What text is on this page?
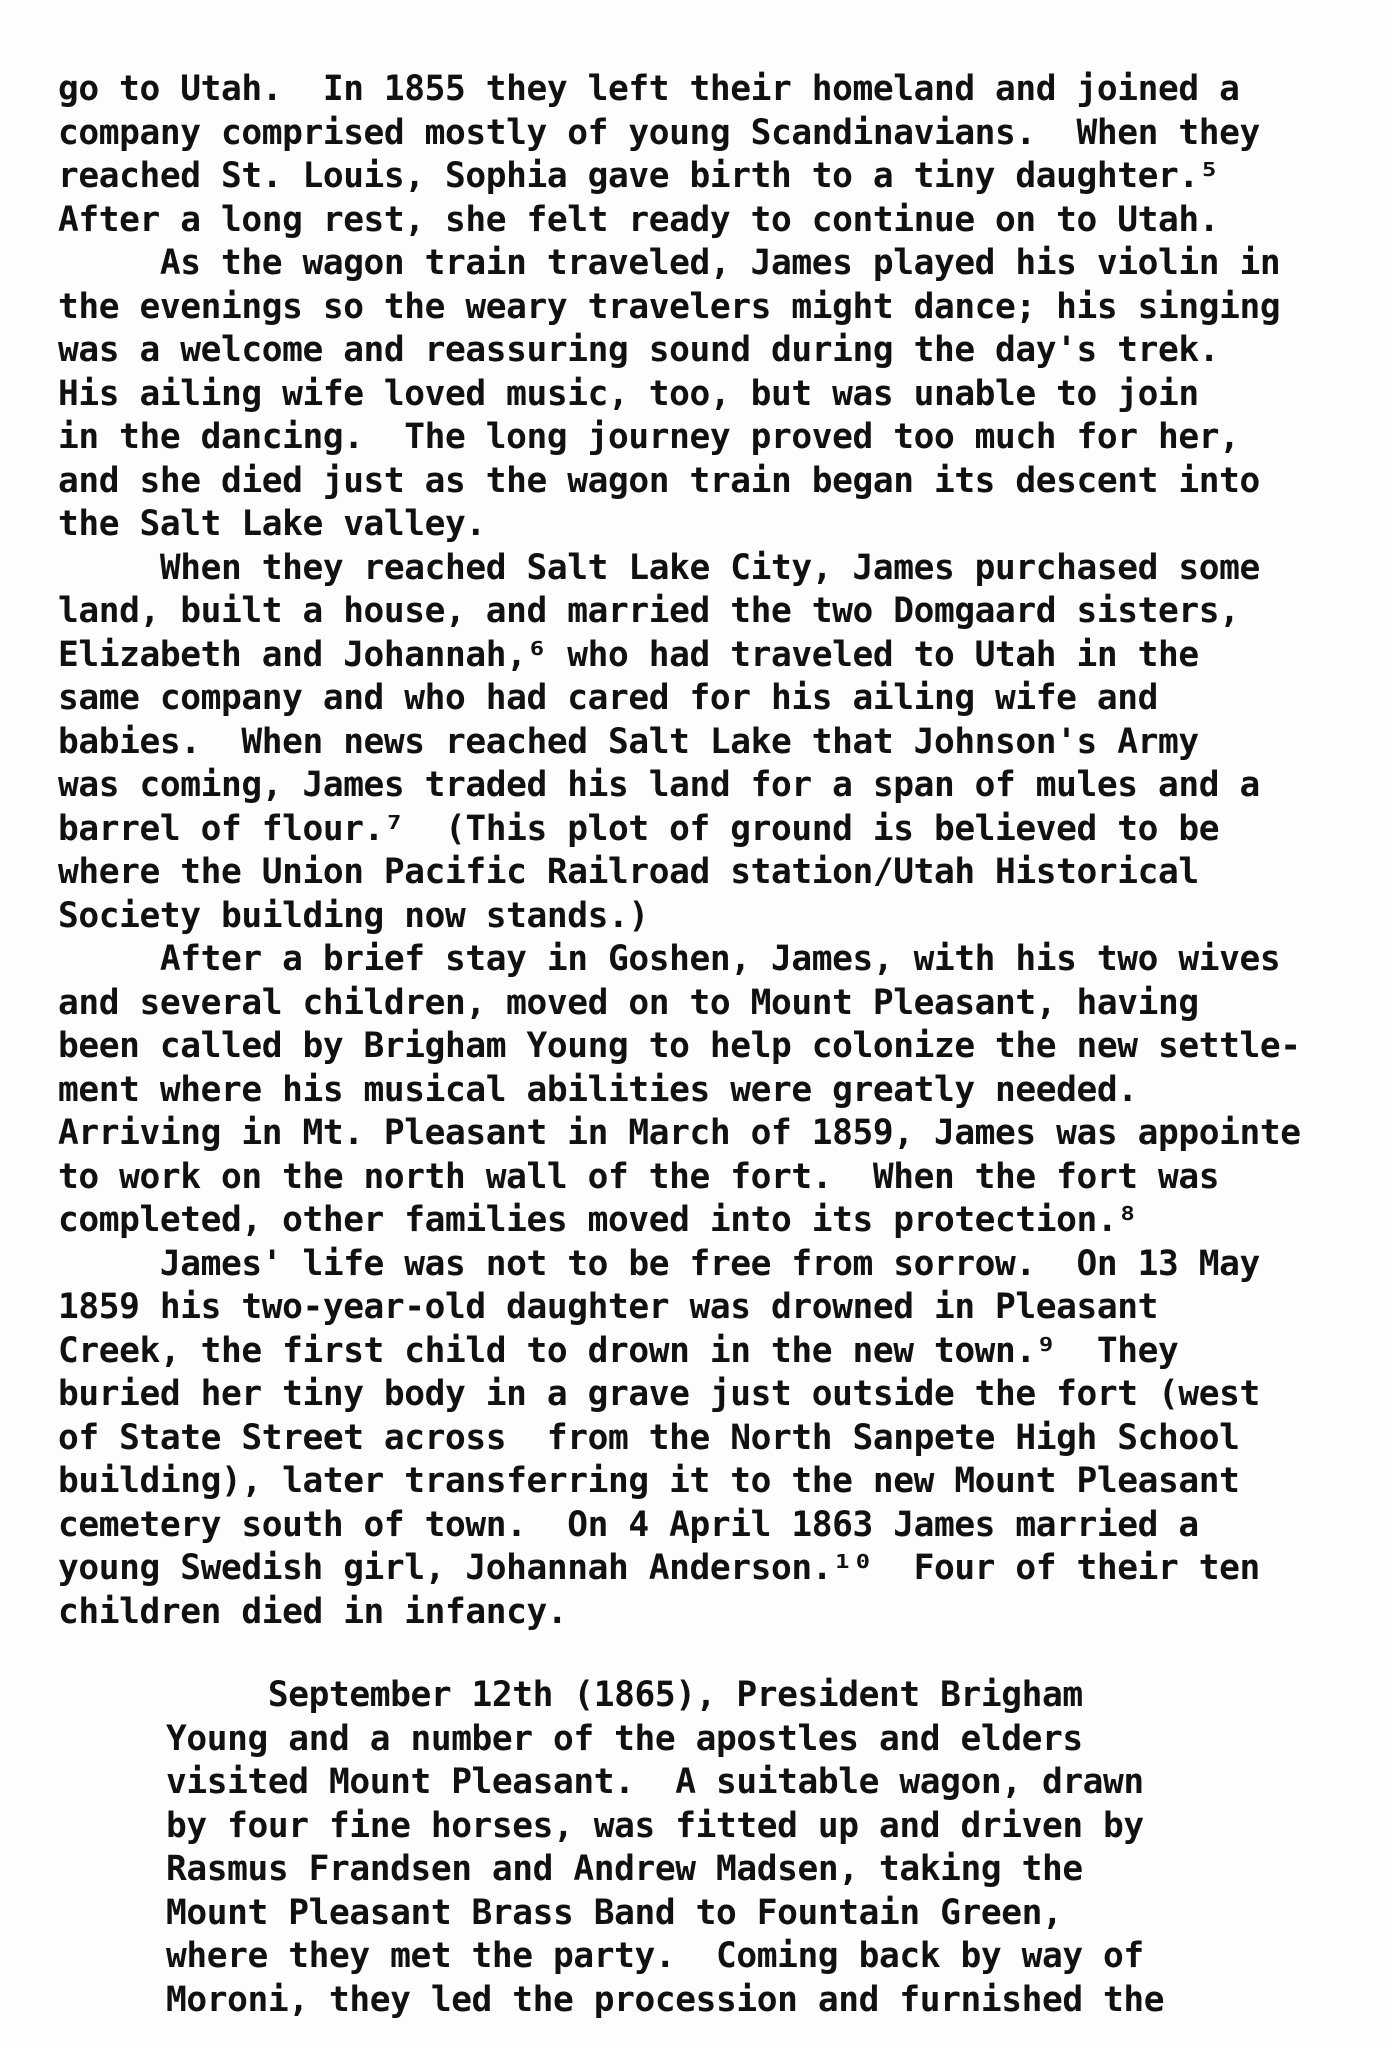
go to Utah.  In 1855 they left their homeland and joined a
company comprised mostly of young Scandinavians.  When they
reached St. Louis, Sophia gave birth to a tiny daughter.⁵
After a long rest, she felt ready to continue on to Utah.
As the wagon train traveled, James played his violin in
the evenings so the weary travelers might dance; his singing
was a welcome and reassuring sound during the day's trek.
His ailing wife loved music, too, but was unable to join
in the dancing.  The long journey proved too much for her,
and she died just as the wagon train began its descent into
the Salt Lake valley.
When they reached Salt Lake City, James purchased some
land, built a house, and married the two Domgaard sisters,
Elizabeth and Johannah,⁶ who had traveled to Utah in the
same company and who had cared for his ailing wife and
babies.  When news reached Salt Lake that Johnson's Army
was coming, James traded his land for a span of mules and a
barrel of flour.⁷  (This plot of ground is believed to be
where the Union Pacific Railroad station/Utah Historical
Society building now stands.)
After a brief stay in Goshen, James, with his two wives
and several children, moved on to Mount Pleasant, having
been called by Brigham Young to help colonize the new settle-
ment where his musical abilities were greatly needed.
Arriving in Mt. Pleasant in March of 1859, James was appointe
to work on the north wall of the fort.  When the fort was
completed, other families moved into its protection.⁸
James' life was not to be free from sorrow.  On 13 May
1859 his two-year-old daughter was drowned in Pleasant
Creek, the first child to drown in the new town.⁹  They
buried her tiny body in a grave just outside the fort (west
of State Street across  from the North Sanpete High School
building), later transferring it to the new Mount Pleasant
cemetery south of town.  On 4 April 1863 James married a
young Swedish girl, Johannah Anderson.¹⁰  Four of their ten
children died in infancy.
September 12th (1865), President Brigham
Young and a number of the apostles and elders
visited Mount Pleasant.  A suitable wagon, drawn
by four fine horses, was fitted up and driven by
Rasmus Frandsen and Andrew Madsen, taking the
Mount Pleasant Brass Band to Fountain Green,
where they met the party.  Coming back by way of
Moroni, they led the procession and furnished the
